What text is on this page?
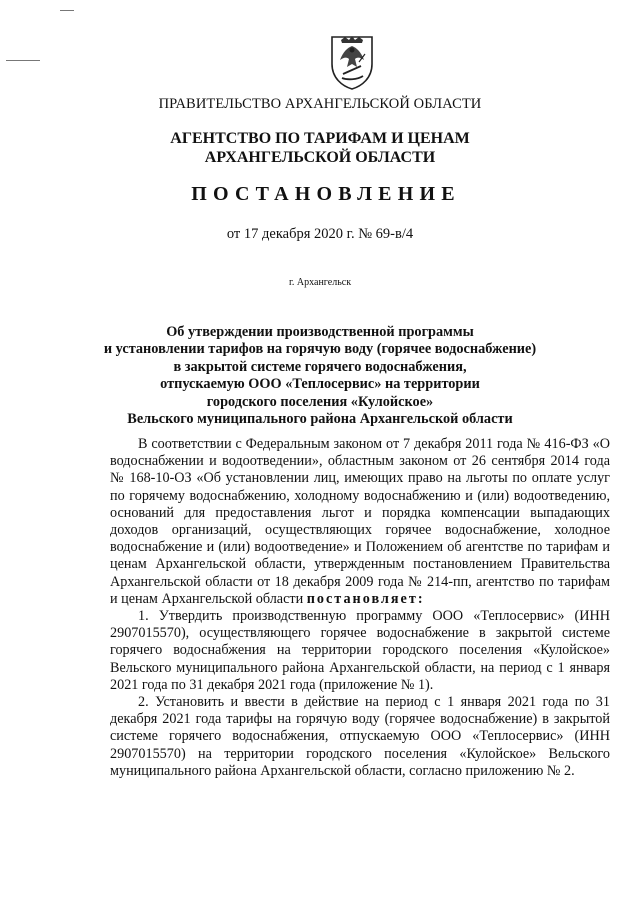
ПРАВИТЕЛЬСТВО АРХАНГЕЛЬСКОЙ ОБЛАСТИ
АГЕНТСТВО ПО ТАРИФАМ И ЦЕНАМ
АРХАНГЕЛЬСКОЙ ОБЛАСТИ
ПОСТАНОВЛЕНИЕ
от 17 декабря 2020 г. № 69-в/4
г. Архангельск
Об утверждении производственной программы
и установлении тарифов на горячую воду (горячее водоснабжение)
в закрытой системе горячего водоснабжения,
отпускаемую ООО «Теплосервис» на территории
городского поселения «Кулойское»
Вельского муниципального района Архангельской области

В соответствии с Федеральным законом от 7 декабря 2011 года № 416-ФЗ «О водоснабжении и водоотведении», областным законом от 26 сентября 2014 года № 168-10-ОЗ «Об установлении лиц, имеющих право на льготы по оплате услуг по горячему водоснабжению, холодному водоснабжению и (или) водоотведению, оснований для предоставления льгот и порядка компенсации выпадающих доходов организаций, осуществляющих горячее водоснабжение, холодное водоснабжение и (или) водоотведение» и Положением об агентстве по тарифам и ценам Архангельской области, утвержденным постановлением Правительства Архангельской области от 18 декабря 2009 года № 214-пп, агентство по тарифам и ценам Архангельской области постановляет:

1. Утвердить производственную программу ООО «Теплосервис» (ИНН 2907015570), осуществляющего горячее водоснабжение в закрытой системе горячего водоснабжения на территории городского поселения «Кулойское» Вельского муниципального района Архангельской области, на период с 1 января 2021 года по 31 декабря 2021 года (приложение № 1).

2. Установить и ввести в действие на период с 1 января 2021 года по 31 декабря 2021 года тарифы на горячую воду (горячее водоснабжение) в закрытой системе горячего водоснабжения, отпускаемую ООО «Теплосервис» (ИНН 2907015570) на территории городского поселения «Кулойское» Вельского муниципального района Архангельской области, согласно приложению № 2.
